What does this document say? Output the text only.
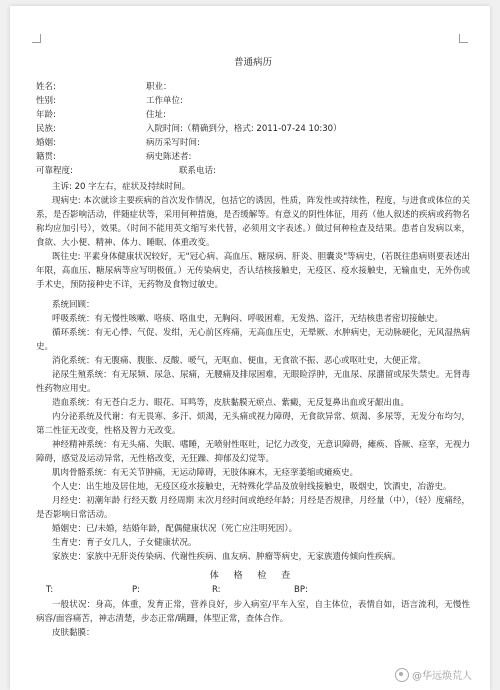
普通病历
姓名:	职业：
性别:	工作单位:
年龄:	住址:
民族:	入院时间:（精确到分，格式: 2011-07-24 10:30）
婚姻:	病历采写时间:
籍贯:	病史陈述者:
可靠程度:	联系电话:

主诉: 20 字左右，症状及持续时间。

现病史: 本次就诊主要疾病的首次发作情况，包括它的诱因，性质，阵发性或持续性，程度，与进食或体位的关系，是否影响活动，伴随症状等，采用何种措施，是否缓解等。有意义的阴性体征，用药（他人叙述的疾病或药物名称均应加引号），效果。（时间不能用英文缩写来代替，必须用文字表述。）做过何种检查及结果。患者自发病以来，食欲、大小便、精神、体力、睡眠、体重改变。

既往史: 平素身体健康状况较好，无"冠心病、高血压、糖尿病、肝炎、胆囊炎"等病史，(若既往患病则要表述出年限，高血压、糖尿病等应写明极值。）无传染病史，否认结核接触史，无疫区、疫水接触史，无输血史，无外伤或手术史，预防接种史不详，无药物及食物过敏史。

系统回顾：

呼吸系统：有无慢性咳嗽、咯痰、咯血史，无胸闷、呼吸困难，无发热、盗汗，无结核患者密切接触史。

循环系统：有无心悸、气促、发绀，无心前区疼痛，无高血压史，无晕厥、水肿病史，无动脉硬化，无风湿热病史。

消化系统：有无腹痛、腹胀、反酸、嗳气，无呕血、便血，无食欲不振、恶心或呕吐史，大便正常。

泌尿生殖系统：有无尿频、尿急、尿痛，无腰痛及排尿困难，无眼睑浮肿，无血尿、尿潴留或尿失禁史。无肾毒性药物应用史。

造血系统：有无苍白乏力、眼花、耳鸣等，皮肤黏膜无瘀点、紫癜，无反复鼻出血或牙龈出血。

内分泌系统及代谢：有无畏寒、多汗、烦渴，无头痛或视力障碍，无食欲异常、烦渴、多尿等，无发分布均匀，第二性征无改变，性格及智力无改变。

神经精神系统：有无头痛、失眠、嗜睡，无喷射性呕吐，记忆力改变，无意识障碍，瘫痪、昏厥、痉挛，无视力障碍，感觉及运动异常，无性格改变，无狂躁、抑郁及幻觉等。

肌肉骨骼系统：有无关节肿痛，无运动障碍，无肢体麻木，无痉挛萎缩或瘫痪史。

个人史：出生地及居住地，无疫区疫水接触史，无特殊化学品及放射线接触史，吸烟史，饮酒史，冶游史。

月经史：初潮年龄 行经天数 月经周期 末次月经时间或绝经年龄；月经是否规律，月经量（中），（轻）度痛经，是否影响日常活动。

婚姻史：已/未婚，结婚年龄，配偶健康状况（死亡应注明死因）。

生育史：育子女几人，子女健康状况。

家族史：家族中无肝炎传染病、代谢性疾病、血友病、肿瘤等病史，无家族遗传倾向性疾病。

体 格 检 查
T:	P:	R:	BP:

一般状况：身高，体重，发育正常，营养良好，步入病室/平车入室，自主体位，表情自如，语言流利，无慢性病容/面容痛苦，神志清楚，步态正常/蹒跚，体型正常，查体合作。

皮肤黏膜：

@华远焕荒人
